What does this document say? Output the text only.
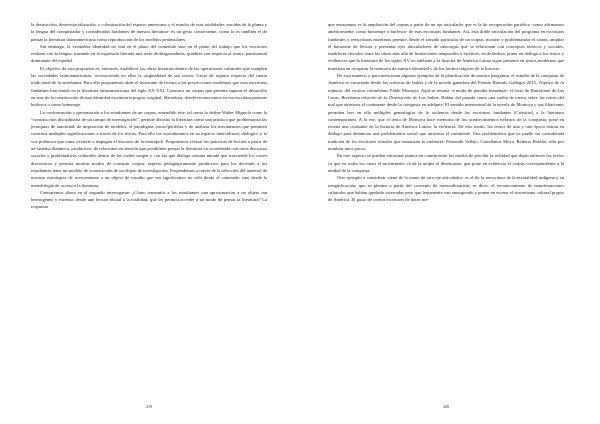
la destrucción, desterritorialización, y colonización del espacio americano y el estudio de esas totalidades -nacidas de la pluma y la lengua del conquistador y consideradas fundantes de nuestra literatura- es un gesto consecuente, como lo es también el de pensar la literatura latinoamericana como reproducción de los modelos peninsulares.

Sin embargo, la verdadera identidad no está en el plano del contenido sino en el plano del trabajo que los escritores realizan con la lengua, trazando en la expresión literaria una serie de desgarraduras, quiebres con respecto al tronco patrimonial dominante del español.

El objetivo de esta propuesta es, entonces, establecer las obras literarias dentro de las operaciones culturales que cumplen las sociedades latinoamericanas, reconociendo en ellas la originalidad de sus textos. Gesto de ruptura respecto del canon tradicional de la enseñanza. Para ello proponemos abrir el horizonte de lectura a las proyecciones modernas que esas escrituras fundantes han tenido en la literatura latinoamericana del siglo XX-XXI. Construir un corpus que permita superar el desarrollo en aras de la construcción de una identidad escrituraria propia, original, liberadora, donde reconocernos en esa escritura pariente burlesca o como homenaje.

La conformación y presentación a los estudiantes de un corpus, entendido éste, tal como lo define Walter Mignolo como la “construcción disciplinaria de un campo de investigación”, permite abordar la literatura como una práctica que problematiza las jerarquías de autoridad, de imposición de modelos, el paradigma centro/periferia y de analizar los mecanismos que permiten construir múltiples significaciones a través de los textos. Para ello los consideramos en su espacio intercultural, dialógico y la voz polémica que toma, revierte e impugna el discurso de la metrópoli. Proponemos revisar las prácticas de lectura a partir de un sistema dinámico, productivo, de relaciones en tensión que posibiliten pensar la literatura en coordenada con otros discursos sociales y problemáticas culturales dentro de las cuales surgen y con las que dialoga conuna mirada que trasciende los cortes diacrónicos y permita mostrar modos de construir corpus, aspecto pedagógicamente productivo para los docentes a los estudiantes tener un modelo de construcción de un objeto de investigación. Propendemos a través de la selección del material de mostrar estrategias de acercamiento a un objeto de estudio que sea significativo no sólo desde el contenido sino desde la metodología de acceso a la literatura.

Centraremos ahora en el segundo interrogante: ¿Cómo transmitir a los estudiantes una aproximación a un objeto tan heterogéneo y extenso, desde una lectura inicial a la totalidad, que les permita acceder a un modo de pensar la literatura? La respuesta

419

que ensayamos es la ampliación del corpus a partir de un eje articulador que es la de recuperación paródica -como afirmamos anteriormente, como homenaje o burlesca- de esas escrituras fundantes. Así, esta doble articulación del programa en escrituras fundantes y reescrituras modernas permite, desde el armado particular de un corpus, mostrar y problematizar el canon, ampliar el horizonte de lectura y presentar ejes articuladores de subcorpus que se relacionan con conceptos teóricos y sociales, establecer vínculos entre las obras más allá de limitaciones temporales o estéticas, en definitiva, poner en diálogo a los textos y evidenciar que la literatura de los siglos XV en adelante y la historia de América Latina sigue presente en textos modernos que muestran en recuperar la memoria de nuestra identidad y de los hechos trágicos de la historia.

De esta manera, y para mencionar algunos ejemplos de la planificación de nuestro programa, el estudio de la conquista de América se encarnado desde las crónicas de Indias y de la novela ganadora del Premio Rómulo Gallegos 2015, Tríptico de la infamia, del escritor colombiano Pablo Montoya. Aquí se retoma -a modo de parodia homenaje- el texto de Bartolomé de Las Casas, Brevísima relación de la Destrucción de Las Indias. Hablar del pasado como una vuelta de tuerca sobre las raíces del mal que atraviesa el continente desde la conquista en adelante. El sentido intertextual de la novela de Montoya y sus filiaciones permiten leer en ella múltiples genealogías de la violencia desde las escrituras fundantes (Crónicas) a la literatura contemporánea. A la vez, que el texto de Montoya hace memoria de los acontecimientos nefastos de la conquista, pone en escena una constante en la historia de América Latina: la violencia. De este modo, los textos de una y otra época entran en diálogo para denunciar una problemática social que atraviesa el continente. Una problemática que ya puede ser considerada tradición de los escritores actuales que tematizan la violencia: Fernando Vallejo, Castellanos Moya, Roberto Bolaño, sólo por nombrar unos pocos.

En este aspecto se pueden encontrar puntos en común entre los modos de percibir la realidad que dejan entrever los textos ya que en todos los casos el movimiento va de la utopía al desencanto, que pone en evidencia el corpus correspondiente a la unidad de la conquista.

Otro ejemplo a considerar viene de la mano de otro eje articulador: es el de la reescritura de la textualidad indígena y su resignificación, que se plantea a partir del concepto de transculturación, es decir, el reconocimiento de manifestaciones culturales que habían quedado soterradas pero que lentamente van emergiendo y ponen en escena el sincretismo cultural propio de América. El gusto de ciertos escritores de hacer me-

420
